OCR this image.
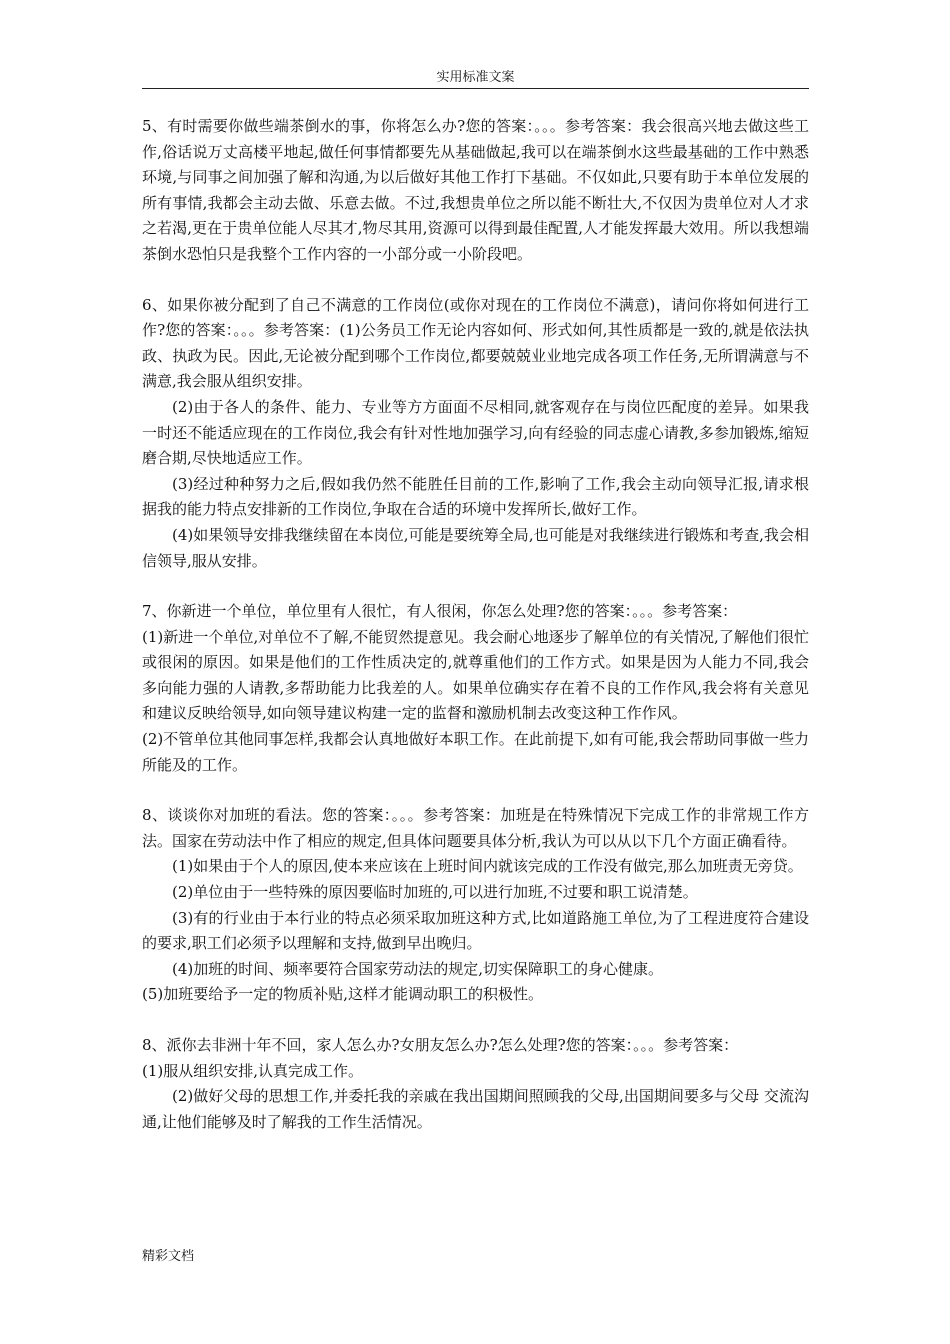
实用标准文案

5、有时需要你做些端茶倒水的事，你将怎么办?您的答案：。。。参考答案：我会很高兴地去做这些工作,俗话说万丈高楼平地起,做任何事情都要先从基础做起,我可以在端茶倒水这些最基础的工作中熟悉环境,与同事之间加强了解和沟通,为以后做好其他工作打下基础。不仅如此,只要有助于本单位发展的所有事情,我都会主动去做、乐意去做。不过,我想贵单位之所以能不断壮大,不仅因为贵单位对人才求之若渴,更在于贵单位能人尽其才,物尽其用,资源可以得到最佳配置,人才能发挥最大效用。所以我想端茶倒水恐怕只是我整个工作内容的一小部分或一小阶段吧。

6、如果你被分配到了自己不满意的工作岗位(或你对现在的工作岗位不满意)，请问你将如何进行工作?您的答案：。。。参考答案：(1)公务员工作无论内容如何、形式如何,其性质都是一致的,就是依法执政、执政为民。因此,无论被分配到哪个工作岗位,都要兢兢业业地完成各项工作任务,无所谓满意与不满意,我会服从组织安排。

(2)由于各人的条件、能力、专业等方方面面不尽相同,就客观存在与岗位匹配度的差异。如果我一时还不能适应现在的工作岗位,我会有针对性地加强学习,向有经验的同志虚心请教,多参加锻炼,缩短磨合期,尽快地适应工作。

(3)经过种种努力之后,假如我仍然不能胜任目前的工作,影响了工作,我会主动向领导汇报,请求根据我的能力特点安排新的工作岗位,争取在合适的环境中发挥所长,做好工作。

(4)如果领导安排我继续留在本岗位,可能是要统筹全局,也可能是对我继续进行锻炼和考查,我会相信领导,服从安排。

7、你新进一个单位，单位里有人很忙，有人很闲，你怎么处理?您的答案：。。。参考答案：

(1)新进一个单位,对单位不了解,不能贸然提意见。我会耐心地逐步了解单位的有关情况,了解他们很忙或很闲的原因。如果是他们的工作性质决定的,就尊重他们的工作方式。如果是因为人能力不同,我会多向能力强的人请教,多帮助能力比我差的人。如果单位确实存在着不良的工作作风,我会将有关意见和建议反映给领导,如向领导建议构建一定的监督和激励机制去改变这种工作作风。

(2)不管单位其他同事怎样,我都会认真地做好本职工作。在此前提下,如有可能,我会帮助同事做一些力所能及的工作。

8、谈谈你对加班的看法。您的答案：。。。参考答案：加班是在特殊情况下完成工作的非常规工作方法。国家在劳动法中作了相应的规定,但具体问题要具体分析,我认为可以从以下几个方面正确看待。

(1)如果由于个人的原因,使本来应该在上班时间内就该完成的工作没有做完,那么加班责无旁贷。

(2)单位由于一些特殊的原因要临时加班的,可以进行加班,不过要和职工说清楚。

(3)有的行业由于本行业的特点必须采取加班这种方式,比如道路施工单位,为了工程进度符合建设的要求,职工们必须予以理解和支持,做到早出晚归。

(4)加班的时间、频率要符合国家劳动法的规定,切实保障职工的身心健康。

(5)加班要给予一定的物质补贴,这样才能调动职工的积极性。

8、派你去非洲十年不回，家人怎么办?女朋友怎么办?怎么处理?您的答案：。。。参考答案：

(1)服从组织安排,认真完成工作。

(2)做好父母的思想工作,并委托我的亲戚在我出国期间照顾我的父母,出国期间要多与父母 交流沟通,让他们能够及时了解我的工作生活情况。

精彩文档
